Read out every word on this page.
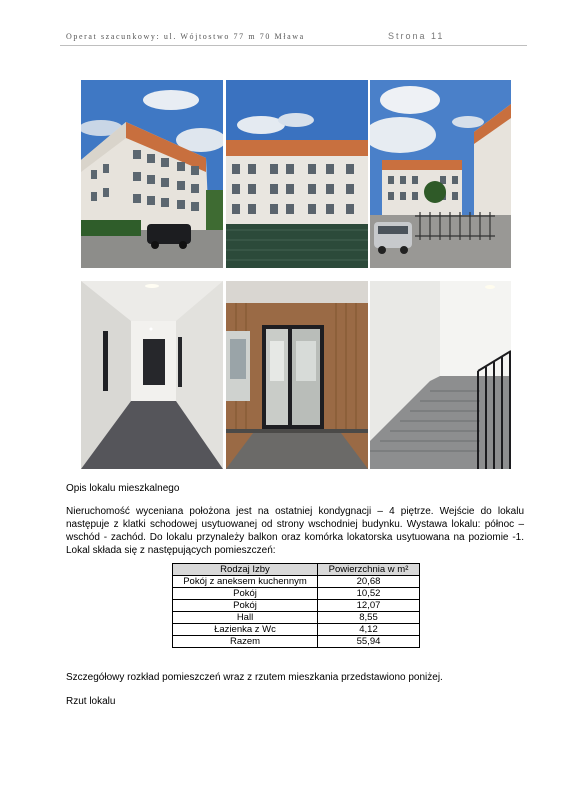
Operat szacunkowy: ul. Wójtostwo 77 m 70 Mława	Strona 11
Opis lokalu mieszkalnego
Nieruchomość wyceniana położona jest na ostatniej kondygnacji – 4 piętrze. Wejście do lokalu następuje z klatki schodowej usytuowanej od strony wschodniej budynku. Wystawa lokalu: północ – wschód - zachód. Do lokalu przynależy balkon oraz komórka lokatorska usytuowana na poziomie -1. Lokal składa się z następujących pomieszczeń:
Rodzaj Izby	Powierzchnia w m²
Pokój z aneksem kuchennym	20,68
Pokój	10,52
Pokój	12,07
Hall	8,55
Łazienka z Wc	4,12
Razem	55,94
Szczegółowy rozkład pomieszczeń wraz z rzutem mieszkania przedstawiono poniżej.
Rzut lokalu
